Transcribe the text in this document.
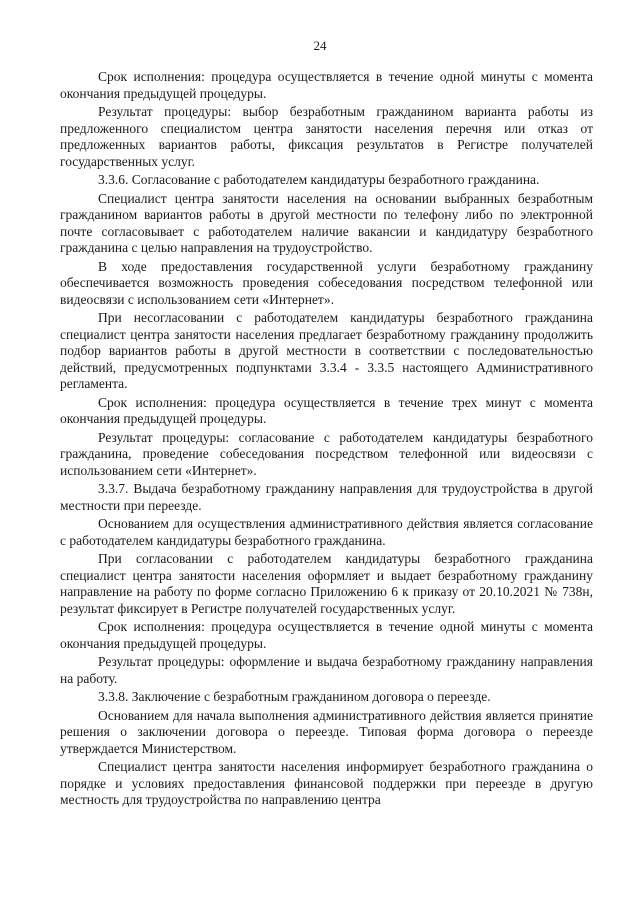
24

Срок исполнения: процедура осуществляется в течение одной минуты с момента окончания предыдущей процедуры.

Результат процедуры: выбор безработным гражданином варианта работы из предложенного специалистом центра занятости населения перечня или отказ от предложенных вариантов работы, фиксация результатов в Регистре получателей государственных услуг.

3.3.6. Согласование с работодателем кандидатуры безработного гражданина.

Специалист центра занятости населения на основании выбранных безработным гражданином вариантов работы в другой местности по телефону либо по электронной почте согласовывает с работодателем наличие вакансии и кандидатуру безработного гражданина с целью направления на трудоустройство.

В ходе предоставления государственной услуги безработному гражданину обеспечивается возможность проведения собеседования посредством телефонной или видеосвязи с использованием сети «Интернет».

При несогласовании с работодателем кандидатуры безработного гражданина специалист центра занятости населения предлагает безработному гражданину продолжить подбор вариантов работы в другой местности в соответствии с последовательностью действий, предусмотренных подпунктами 3.3.4 - 3.3.5 настоящего Административного регламента.

Срок исполнения: процедура осуществляется в течение трех минут с момента окончания предыдущей процедуры.

Результат процедуры: согласование с работодателем кандидатуры безработного гражданина, проведение собеседования посредством телефонной или видеосвязи с использованием сети «Интернет».

3.3.7. Выдача безработному гражданину направления для трудоустройства в другой местности при переезде.

Основанием для осуществления административного действия является согласование с работодателем кандидатуры безработного гражданина.

При согласовании с работодателем кандидатуры безработного гражданина специалист центра занятости населения оформляет и выдает безработному гражданину направление на работу по форме согласно Приложению 6 к приказу от 20.10.2021 № 738н, результат фиксирует в Регистре получателей государственных услуг.

Срок исполнения: процедура осуществляется в течение одной минуты с момента окончания предыдущей процедуры.

Результат процедуры: оформление и выдача безработному гражданину направления на работу.

3.3.8. Заключение с безработным гражданином договора о переезде.

Основанием для начала выполнения административного действия является принятие решения о заключении договора о переезде. Типовая форма договора о переезде утверждается Министерством.

Специалист центра занятости населения информирует безработного гражданина о порядке и условиях предоставления финансовой поддержки при переезде в другую местность для трудоустройства по направлению центра
